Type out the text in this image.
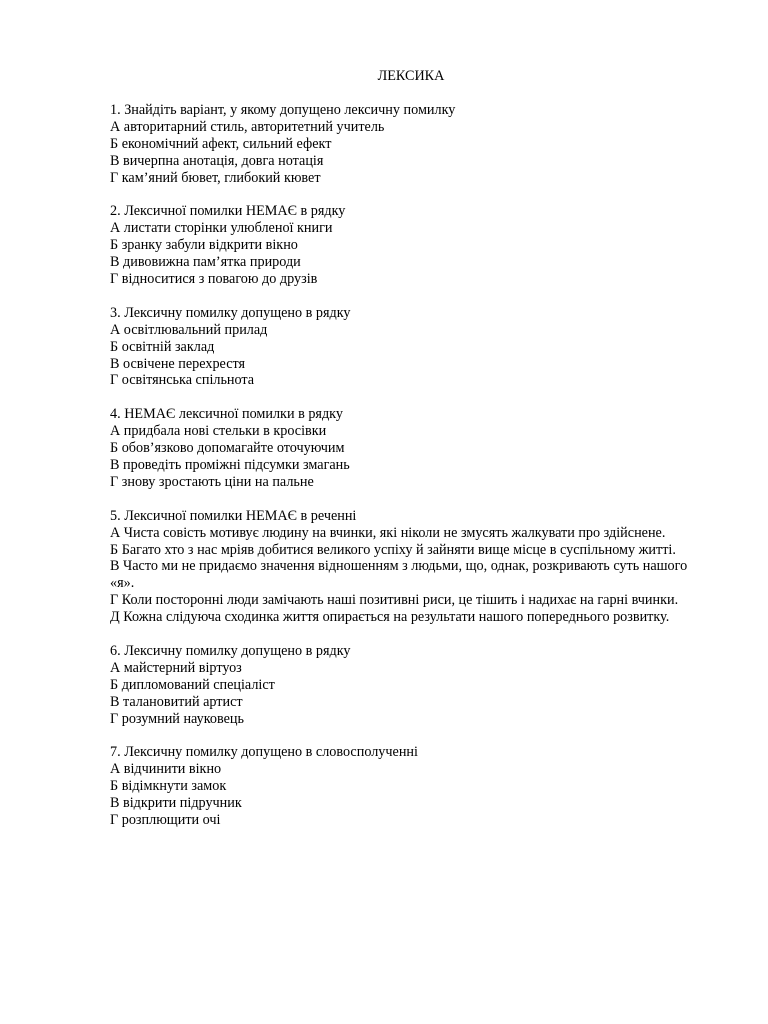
ЛЕКСИКА
1. Знайдіть варіант, у якому допущено лексичну помилку
А авторитарний стиль, авторитетний учитель
Б економічний афект, сильний ефект
В вичерпна анотація, довга нотація
Г кам’яний бювет, глибокий кювет
2. Лексичної помилки НЕМАЄ в рядку
А листати сторінки улюбленої книги
Б зранку забули відкрити вікно
В дивовижна пам’ятка природи
Г відноситися з повагою до друзів
3. Лексичну помилку допущено в рядку
А освітлювальний прилад
Б освітній заклад
В освічене перехрестя
Г освітянська спільнота
4. НЕМАЄ лексичної помилки в рядку
А придбала нові стельки в кросівки
Б обов’язково допомагайте оточуючим
В проведіть проміжні підсумки змагань
Г знову зростають ціни на пальне
5. Лексичної помилки НЕМАЄ в реченні
А Чиста совість мотивує людину на вчинки, які ніколи не змусять жалкувати про здійснене.
Б Багато хто з нас мріяв добитися великого успіху й зайняти вище місце в суспільному житті.
В Часто ми не придаємо значення відношенням з людьми, що, однак, розкривають суть нашого «я».
Г Коли посторонні люди замічають наші позитивні риси, це тішить і надихає на гарні вчинки.
Д Кожна слідуюча сходинка життя опирається на результати нашого попереднього розвитку.
6. Лексичну помилку допущено в рядку
А майстерний віртуоз
Б дипломований спеціаліст
В талановитий артист
Г розумний науковець
7. Лексичну помилку допущено в словосполученні
А відчинити вікно
Б відімкнути замок
В відкрити підручник
Г розплющити очі
